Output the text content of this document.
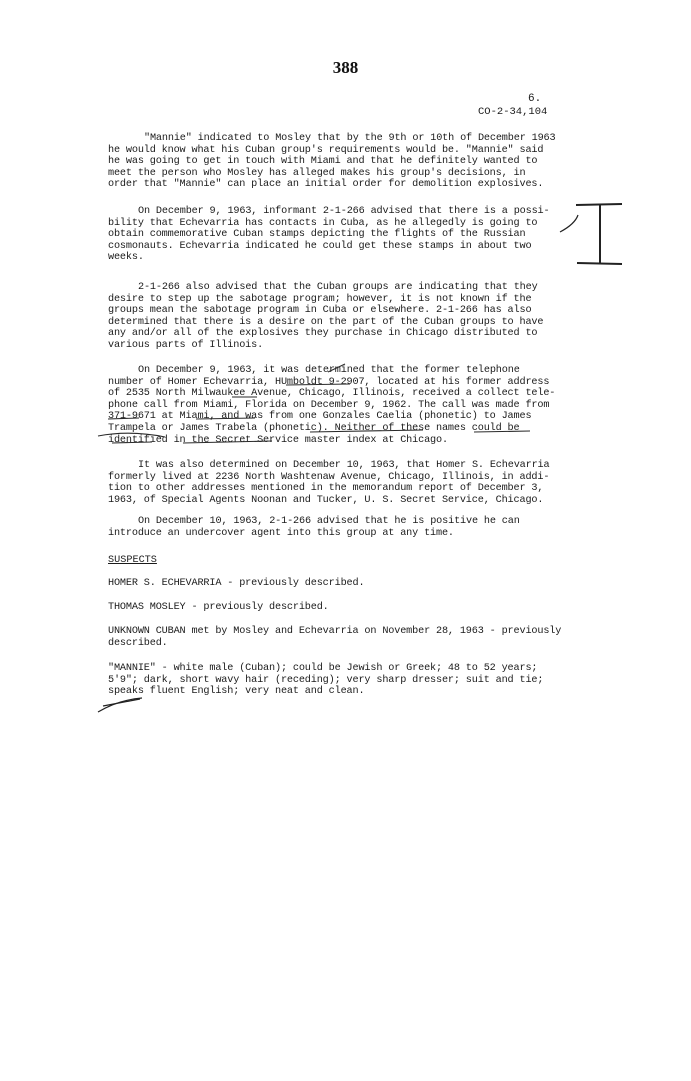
388
6.
CO-2-34,104
"Mannie" indicated to Mosley that by the 9th or 10th of December 1963
he would know what his Cuban group's requirements would be. "Mannie" said
he was going to get in touch with Miami and that he definitely wanted to
meet the person who Mosley has alleged makes his group's decisions, in
order that "Mannie" can place an initial order for demolition explosives.
On December 9, 1963, informant 2-1-266 advised that there is a possi-
bility that Echevarria has contacts in Cuba, as he allegedly is going to
obtain commemorative Cuban stamps depicting the flights of the Russian
cosmonauts. Echevarria indicated he could get these stamps in about two
weeks.
2-1-266 also advised that the Cuban groups are indicating that they
desire to step up the sabotage program; however, it is not known if the
groups mean the sabotage program in Cuba or elsewhere. 2-1-266 has also
determined that there is a desire on the part of the Cuban groups to have
any and/or all of the explosives they purchase in Chicago distributed to
various parts of Illinois.
On December 9, 1963, it was determined that the former telephone
number of Homer Echevarria, HUmboldt 9-2907, located at his former address
of 2535 North Milwaukee Avenue, Chicago, Illinois, received a collect tele-
phone call from Miami, Florida on December 9, 1962. The call was made from
371-9671 at Miami, and was from one Gonzales Caelia (phonetic) to James
Trampela or James Trabela (phonetic). Neither of these names could be
identified in the Secret Service master index at Chicago.
It was also determined on December 10, 1963, that Homer S. Echevarria
formerly lived at 2236 North Washtenaw Avenue, Chicago, Illinois, in addi-
tion to other addresses mentioned in the memorandum report of December 3,
1963, of Special Agents Noonan and Tucker, U. S. Secret Service, Chicago.
On December 10, 1963, 2-1-266 advised that he is positive he can
introduce an undercover agent into this group at any time.
SUSPECTS
HOMER S. ECHEVARRIA - previously described.
THOMAS MOSLEY - previously described.
UNKNOWN CUBAN met by Mosley and Echevarria on November 28, 1963 - previously
described.
"MANNIE" - white male (Cuban); could be Jewish or Greek; 48 to 52 years;
5'9"; dark, short wavy hair (receding); very sharp dresser; suit and tie;
speaks fluent English; very neat and clean.
